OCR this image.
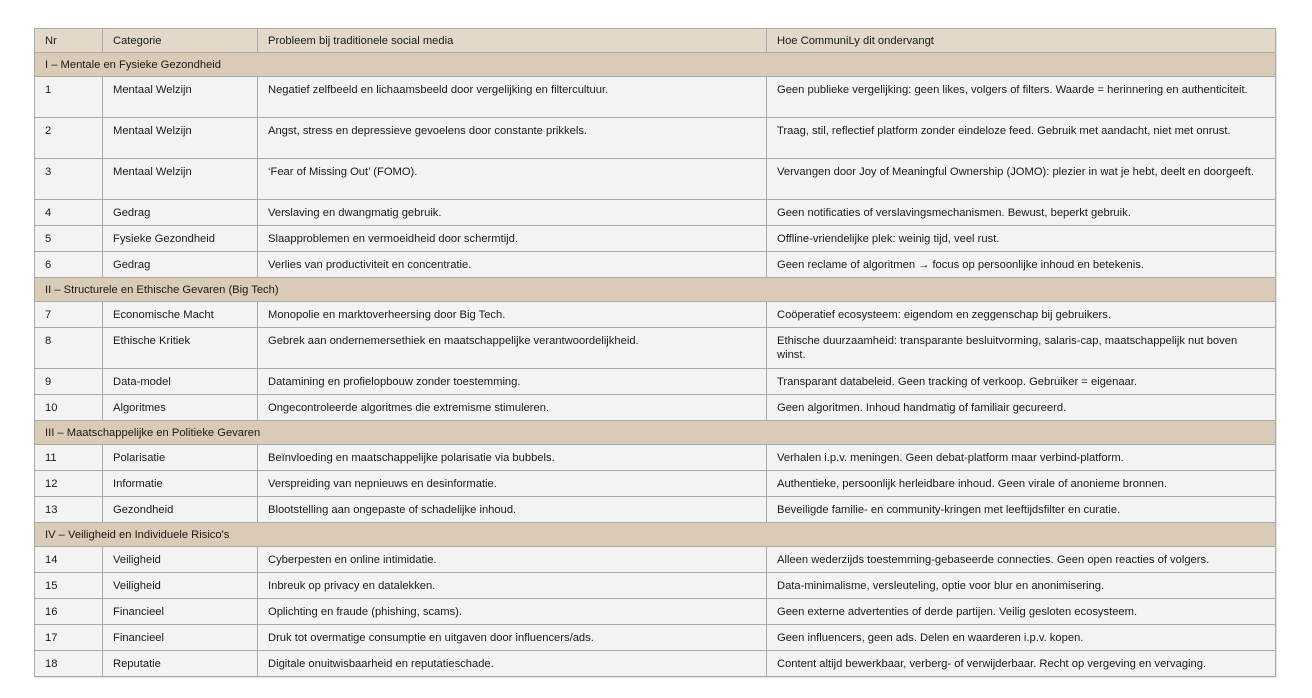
Nr	Categorie	Probleem bij traditionele social media	Hoe CommuniLy dit ondervangt
I – Mentale en Fysieke Gezondheid			
1	Mentaal Welzijn	Negatief zelfbeeld en lichaamsbeeld door vergelijking en filtercultuur.	Geen publieke vergelijking: geen likes, volgers of filters. Waarde = herinnering en authenticiteit.
2	Mentaal Welzijn	Angst, stress en depressieve gevoelens door constante prikkels.	Traag, stil, reflectief platform zonder eindeloze feed. Gebruik met aandacht, niet met onrust.
3	Mentaal Welzijn	‘Fear of Missing Out’ (FOMO).	Vervangen door Joy of Meaningful Ownership (JOMO): plezier in wat je hebt, deelt en doorgeeft.
4	Gedrag	Verslaving en dwangmatig gebruik.	Geen notificaties of verslavingsmechanismen. Bewust, beperkt gebruik.
5	Fysieke Gezondheid	Slaapproblemen en vermoeidheid door schermtijd.	Offline-vriendelijke plek: weinig tijd, veel rust.
6	Gedrag	Verlies van productiviteit en concentratie.	Geen reclame of algoritmen → focus op persoonlijke inhoud en betekenis.
II – Structurele en Ethische Gevaren (Big Tech)			
7	Economische Macht	Monopolie en marktoverheersing door Big Tech.	Coöperatief ecosysteem: eigendom en zeggenschap bij gebruikers.
8	Ethische Kritiek	Gebrek aan ondernemersethiek en maatschappelijke verantwoordelijkheid.	Ethische duurzaamheid: transparante besluitvorming, salaris-cap, maatschappelijk nut boven winst.
9	Data-model	Datamining en profielopbouw zonder toestemming.	Transparant databeleid. Geen tracking of verkoop. Gebruiker = eigenaar.
10	Algoritmes	Ongecontroleerde algoritmes die extremisme stimuleren.	Geen algoritmen. Inhoud handmatig of familiair gecureerd.
III – Maatschappelijke en Politieke Gevaren			
11	Polarisatie	Beïnvloeding en maatschappelijke polarisatie via bubbels.	Verhalen i.p.v. meningen. Geen debat-platform maar verbind-platform.
12	Informatie	Verspreiding van nepnieuws en desinformatie.	Authentieke, persoonlijk herleidbare inhoud. Geen virale of anonieme bronnen.
13	Gezondheid	Blootstelling aan ongepaste of schadelijke inhoud.	Beveiligde familie- en community-kringen met leeftijdsfilter en curatie.
IV – Veiligheid en Individuele Risico's			
14	Veiligheid	Cyberpesten en online intimidatie.	Alleen wederzijds toestemming-gebaseerde connecties. Geen open reacties of volgers.
15	Veiligheid	Inbreuk op privacy en datalekken.	Data-minimalisme, versleuteling, optie voor blur en anonimisering.
16	Financieel	Oplichting en fraude (phishing, scams).	Geen externe advertenties of derde partijen. Veilig gesloten ecosysteem.
17	Financieel	Druk tot overmatige consumptie en uitgaven door influencers/ads.	Geen influencers, geen ads. Delen en waarderen i.p.v. kopen.
18	Reputatie	Digitale onuitwisbaarheid en reputatieschade.	Content altijd bewerkbaar, verberg- of verwijderbaar. Recht op vergeving en vervaging.
